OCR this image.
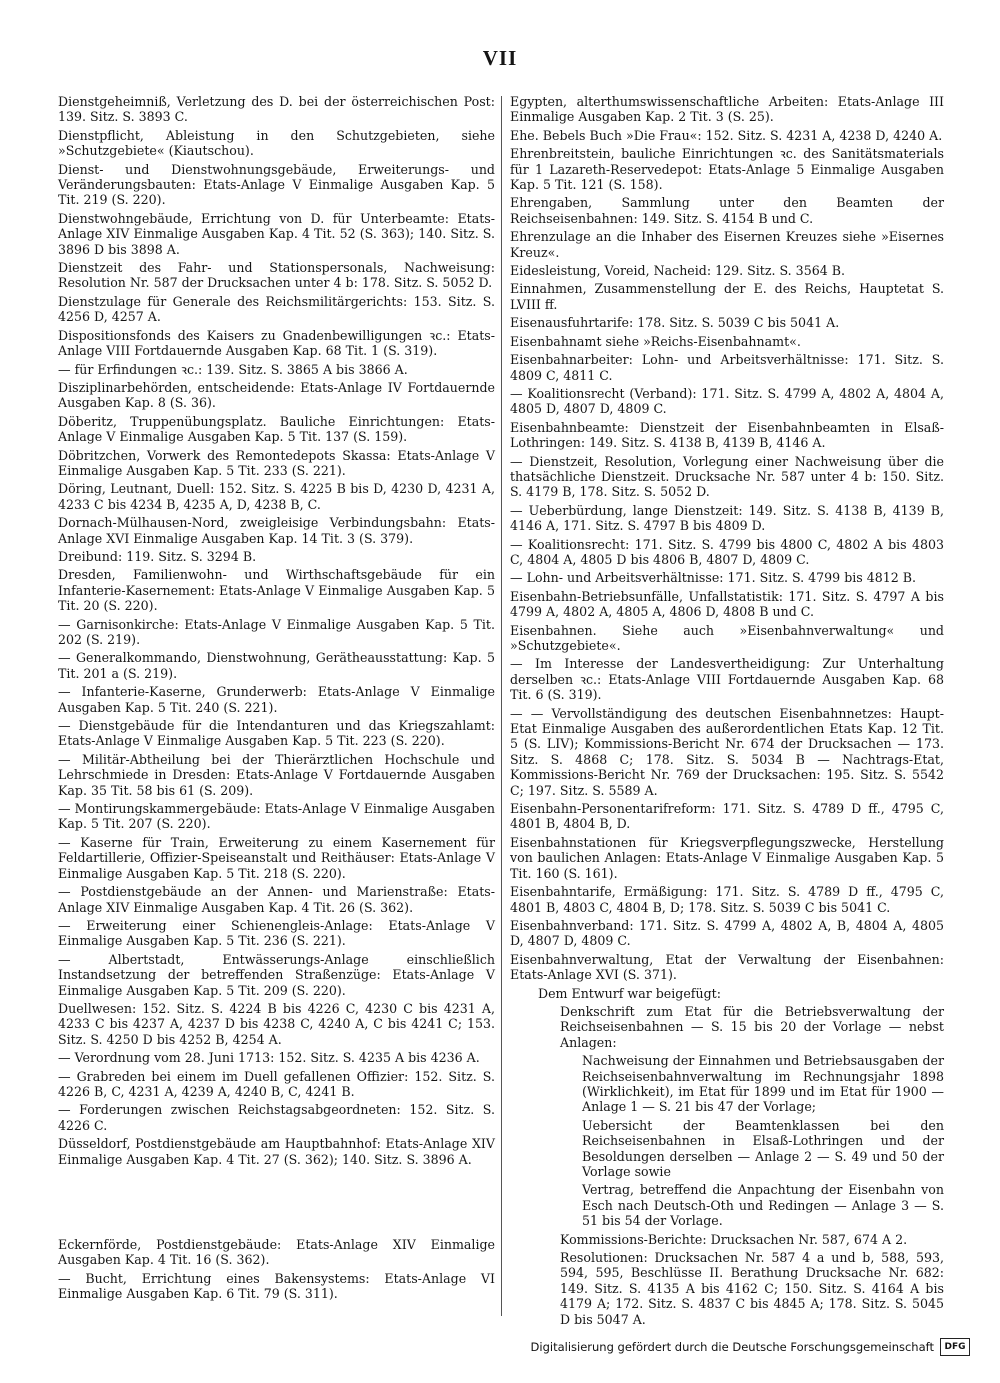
VII
Dienstgeheimniß, Verletzung des D. bei der österreichischen Post: 139. Sitz. S. 3893 C.
Dienstpflicht, Ableistung in den Schutzgebieten, siehe »Schutzgebiete« (Kiautschou).
Dienst- und Dienstwohnungsgebäude, Erweiterungs- und Veränderungsbauten: Etats-Anlage V Einmalige Ausgaben Kap. 5 Tit. 219 (S. 220).
Dienstwohngebäude, Errichtung von D. für Unterbeamte: Etats-Anlage XIV Einmalige Ausgaben Kap. 4 Tit. 52 (S. 363); 140. Sitz. S. 3896 D bis 3898 A.
Dienstzeit des Fahr- und Stationspersonals, Nachweisung: Resolution Nr. 587 der Drucksachen unter 4 b: 178. Sitz. S. 5052 D.
Dienstzulage für Generale des Reichsmilitärgerichts: 153. Sitz. S. 4256 D, 4257 A.
Dispositionsfonds des Kaisers zu Gnadenbewilligungen ꝛc.: Etats-Anlage VIII Fortdauernde Ausgaben Kap. 68 Tit. 1 (S. 319).
— für Erfindungen ꝛc.: 139. Sitz. S. 3865 A bis 3866 A.
Disziplinarbehörden, entscheidende: Etats-Anlage IV Fortdauernde Ausgaben Kap. 8 (S. 36).
Döberitz, Truppenübungsplatz. Bauliche Einrichtungen: Etats-Anlage V Einmalige Ausgaben Kap. 5 Tit. 137 (S. 159).
Döbritzchen, Vorwerk des Remontedepots Skassa: Etats-Anlage V Einmalige Ausgaben Kap. 5 Tit. 233 (S. 221).
Döring, Leutnant, Duell: 152. Sitz. S. 4225 B bis D, 4230 D, 4231 A, 4233 C bis 4234 B, 4235 A, D, 4238 B, C.
Dornach-Mülhausen-Nord, zweigleisige Verbindungsbahn: Etats-Anlage XVI Einmalige Ausgaben Kap. 14 Tit. 3 (S. 379).
Dreibund: 119. Sitz. S. 3294 B.
Dresden, Familienwohn- und Wirthschaftsgebäude für ein Infanterie-Kasernement: Etats-Anlage V Einmalige Ausgaben Kap. 5 Tit. 20 (S. 220).
— Garnisonkirche: Etats-Anlage V Einmalige Ausgaben Kap. 5 Tit. 202 (S. 219).
— Generalkommando, Dienstwohnung, Gerätheausstattung: Kap. 5 Tit. 201 a (S. 219).
— Infanterie-Kaserne, Grunderwerb: Etats-Anlage V Einmalige Ausgaben Kap. 5 Tit. 240 (S. 221).
— Dienstgebäude für die Intendanturen und das Kriegszahlamt: Etats-Anlage V Einmalige Ausgaben Kap. 5 Tit. 223 (S. 220).
— Militär-Abtheilung bei der Thierärztlichen Hochschule und Lehrschmiede in Dresden: Etats-Anlage V Fortdauernde Ausgaben Kap. 35 Tit. 58 bis 61 (S. 209).
— Montirungskammergebäude: Etats-Anlage V Einmalige Ausgaben Kap. 5 Tit. 207 (S. 220).
— Kaserne für Train, Erweiterung zu einem Kasernement für Feldartillerie, Offizier-Speiseanstalt und Reithäuser: Etats-Anlage V Einmalige Ausgaben Kap. 5 Tit. 218 (S. 220).
— Postdienstgebäude an der Annen- und Marienstraße: Etats-Anlage XIV Einmalige Ausgaben Kap. 4 Tit. 26 (S. 362).
— Erweiterung einer Schienengleis-Anlage: Etats-Anlage V Einmalige Ausgaben Kap. 5 Tit. 236 (S. 221).
— Albertstadt, Entwässerungs-Anlage einschließlich Instandsetzung der betreffenden Straßenzüge: Etats-Anlage V Einmalige Ausgaben Kap. 5 Tit. 209 (S. 220).
Duellwesen: 152. Sitz. S. 4224 B bis 4226 C, 4230 C bis 4231 A, 4233 C bis 4237 A, 4237 D bis 4238 C, 4240 A, C bis 4241 C; 153. Sitz. S. 4250 D bis 4252 B, 4254 A.
— Verordnung vom 28. Juni 1713: 152. Sitz. S. 4235 A bis 4236 A.
— Grabreden bei einem im Duell gefallenen Offizier: 152. Sitz. S. 4226 B, C, 4231 A, 4239 A, 4240 B, C, 4241 B.
— Forderungen zwischen Reichstagsabgeordneten: 152. Sitz. S. 4226 C.
Düsseldorf, Postdienstgebäude am Hauptbahnhof: Etats-Anlage XIV Einmalige Ausgaben Kap. 4 Tit. 27 (S. 362); 140. Sitz. S. 3896 A.
Eckernförde, Postdienstgebäude: Etats-Anlage XIV Einmalige Ausgaben Kap. 4 Tit. 16 (S. 362).
— Bucht, Errichtung eines Bakensystems: Etats-Anlage VI Einmalige Ausgaben Kap. 6 Tit. 79 (S. 311).
Egypten, alterthumswissenschaftliche Arbeiten: Etats-Anlage III Einmalige Ausgaben Kap. 2 Tit. 3 (S. 25).
Ehe. Bebels Buch »Die Frau«: 152. Sitz. S. 4231 A, 4238 D, 4240 A.
Ehrenbreitstein, bauliche Einrichtungen ꝛc. des Sanitätsmaterials für 1 Lazareth-Reservedepot: Etats-Anlage 5 Einmalige Ausgaben Kap. 5 Tit. 121 (S. 158).
Ehrengaben, Sammlung unter den Beamten der Reichseisenbahnen: 149. Sitz. S. 4154 B und C.
Ehrenzulage an die Inhaber des Eisernen Kreuzes siehe »Eisernes Kreuz«.
Eidesleistung, Voreid, Nacheid: 129. Sitz. S. 3564 B.
Einnahmen, Zusammenstellung der E. des Reichs, Hauptetat S. LVIII ff.
Eisenausfuhrtarife: 178. Sitz. S. 5039 C bis 5041 A.
Eisenbahnamt siehe »Reichs-Eisenbahnamt«.
Eisenbahnarbeiter: Lohn- und Arbeitsverhältnisse: 171. Sitz. S. 4809 C, 4811 C.
— Koalitionsrecht (Verband): 171. Sitz. S. 4799 A, 4802 A, 4804 A, 4805 D, 4807 D, 4809 C.
Eisenbahnbeamte: Dienstzeit der Eisenbahnbeamten in Elsaß-Lothringen: 149. Sitz. S. 4138 B, 4139 B, 4146 A.
— Dienstzeit, Resolution, Vorlegung einer Nachweisung über die thatsächliche Dienstzeit. Drucksache Nr. 587 unter 4 b: 150. Sitz. S. 4179 B, 178. Sitz. S. 5052 D.
— Ueberbürdung, lange Dienstzeit: 149. Sitz. S. 4138 B, 4139 B, 4146 A, 171. Sitz. S. 4797 B bis 4809 D.
— Koalitionsrecht: 171. Sitz. S. 4799 bis 4800 C, 4802 A bis 4803 C, 4804 A, 4805 D bis 4806 B, 4807 D, 4809 C.
— Lohn- und Arbeitsverhältnisse: 171. Sitz. S. 4799 bis 4812 B.
Eisenbahn-Betriebsunfälle, Unfallstatistik: 171. Sitz. S. 4797 A bis 4799 A, 4802 A, 4805 A, 4806 D, 4808 B und C.
Eisenbahnen. Siehe auch »Eisenbahnverwaltung« und »Schutzgebiete«.
— Im Interesse der Landesvertheidigung: Zur Unterhaltung derselben ꝛc.: Etats-Anlage VIII Fortdauernde Ausgaben Kap. 68 Tit. 6 (S. 319).
— — Vervollständigung des deutschen Eisenbahnnetzes: Haupt-Etat Einmalige Ausgaben des außerordentlichen Etats Kap. 12 Tit. 5 (S. LIV); Kommissions-Bericht Nr. 674 der Drucksachen — 173. Sitz. S. 4868 C; 178. Sitz. S. 5034 B — Nachtrags-Etat, Kommissions-Bericht Nr. 769 der Drucksachen: 195. Sitz. S. 5542 C; 197. Sitz. S. 5589 A.
Eisenbahn-Personentarifreform: 171. Sitz. S. 4789 D ff., 4795 C, 4801 B, 4804 B, D.
Eisenbahnstationen für Kriegsverpflegungszwecke, Herstellung von baulichen Anlagen: Etats-Anlage V Einmalige Ausgaben Kap. 5 Tit. 160 (S. 161).
Eisenbahntarife, Ermäßigung: 171. Sitz. S. 4789 D ff., 4795 C, 4801 B, 4803 C, 4804 B, D; 178. Sitz. S. 5039 C bis 5041 C.
Eisenbahnverband: 171. Sitz. S. 4799 A, 4802 A, B, 4804 A, 4805 D, 4807 D, 4809 C.
Eisenbahnverwaltung, Etat der Verwaltung der Eisenbahnen: Etats-Anlage XVI (S. 371).
Dem Entwurf war beigefügt:
Denkschrift zum Etat für die Betriebsverwaltung der Reichseisenbahnen — S. 15 bis 20 der Vorlage — nebst Anlagen:
Nachweisung der Einnahmen und Betriebsausgaben der Reichseisenbahnverwaltung im Rechnungsjahr 1898 (Wirklichkeit), im Etat für 1899 und im Etat für 1900 — Anlage 1 — S. 21 bis 47 der Vorlage;
Uebersicht der Beamtenklassen bei den Reichseisenbahnen in Elsaß-Lothringen und der Besoldungen derselben — Anlage 2 — S. 49 und 50 der Vorlage sowie
Vertrag, betreffend die Anpachtung der Eisenbahn von Esch nach Deutsch-Oth und Redingen — Anlage 3 — S. 51 bis 54 der Vorlage.
Kommissions-Berichte: Drucksachen Nr. 587, 674 A 2.
Resolutionen: Drucksachen Nr. 587 4 a und b, 588, 593, 594, 595, Beschlüsse II. Berathung Drucksache Nr. 682: 149. Sitz. S. 4135 A bis 4162 C; 150. Sitz. S. 4164 A bis 4179 A; 172. Sitz. S. 4837 C bis 4845 A; 178. Sitz. S. 5045 D bis 5047 A.
Digitalisierung gefördert durch die Deutsche Forschungsgemeinschaft	DFG
